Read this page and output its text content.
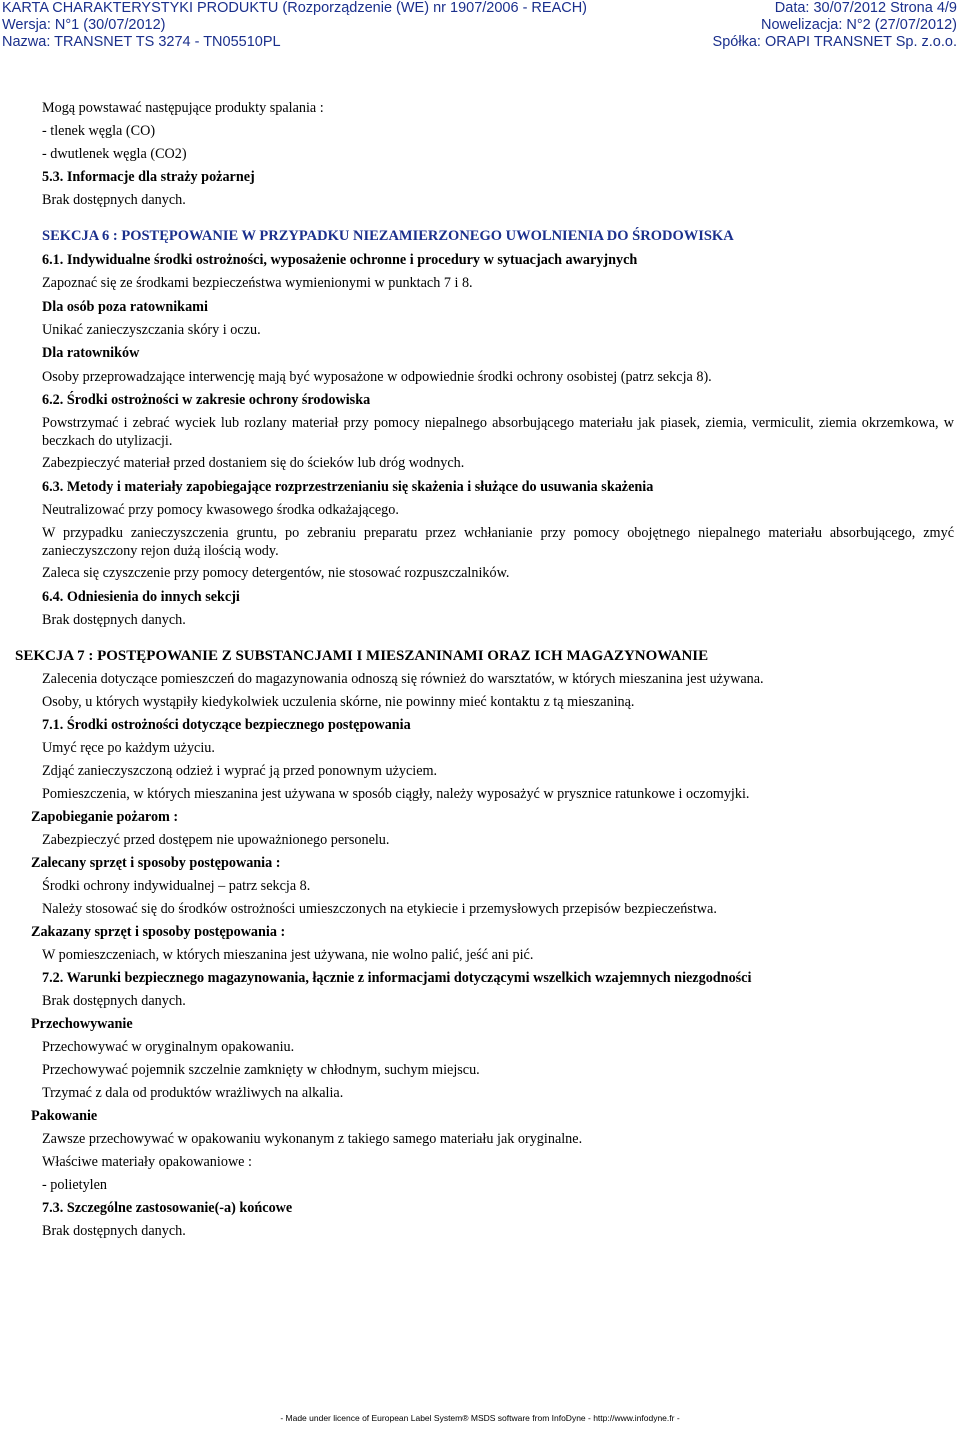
KARTA CHARAKTERYSTYKI PRODUKTU (Rozporządzenie (WE) nr 1907/2006 - REACH)	Data: 30/07/2012 Strona 4/9
Wersja: N°1 (30/07/2012)	Nowelizacja: N°2 (27/07/2012)
Nazwa: TRANSNET TS 3274 - TN05510PL	Spółka: ORAPI TRANSNET Sp. z.o.o.
Mogą powstawać następujące produkty spalania :
- tlenek węgla (CO)
- dwutlenek węgla (CO2)
5.3. Informacje dla straży pożarnej
Brak dostępnych danych.
SEKCJA 6 : POSTĘPOWANIE W PRZYPADKU NIEZAMIERZONEGO UWOLNIENIA DO ŚRODOWISKA
6.1. Indywidualne środki ostrożności, wyposażenie ochronne i procedury w sytuacjach awaryjnych
Zapoznać się ze środkami bezpieczeństwa wymienionymi w punktach 7 i 8.
Dla osób poza ratownikami
Unikać zanieczyszczania skóry i oczu.
Dla ratowników
Osoby przeprowadzające interwencję mają być wyposażone w odpowiednie środki ochrony osobistej (patrz sekcja 8).
6.2. Środki ostrożności w zakresie ochrony środowiska
Powstrzymać i zebrać wyciek lub rozlany materiał przy pomocy niepalnego absorbującego materiału jak piasek, ziemia, vermiculit, ziemia okrzemkowa, w beczkach do utylizacji.
Zabezpieczyć materiał przed dostaniem się do ścieków lub dróg wodnych.
6.3. Metody i materiały zapobiegające rozprzestrzenianiu się skażenia i służące do usuwania skażenia
Neutralizować przy pomocy kwasowego środka odkażającego.
W przypadku zanieczyszczenia gruntu, po zebraniu preparatu przez wchłanianie przy pomocy obojętnego niepalnego materiału absorbującego, zmyć zanieczyszczony rejon dużą ilością wody.
Zaleca się czyszczenie przy pomocy detergentów, nie stosować rozpuszczalników.
6.4. Odniesienia do innych sekcji
Brak dostępnych danych.
SEKCJA 7 : POSTĘPOWANIE Z SUBSTANCJAMI I MIESZANINAMI ORAZ ICH MAGAZYNOWANIE
Zalecenia dotyczące pomieszczeń do magazynowania odnoszą się również do warsztatów, w których mieszanina jest używana.
Osoby, u których wystąpiły kiedykolwiek uczulenia skórne, nie powinny mieć kontaktu z tą mieszaniną.
7.1. Środki ostrożności dotyczące bezpiecznego postępowania
Umyć ręce po każdym użyciu.
Zdjąć zanieczyszczoną odzież i wyprać ją przed ponownym użyciem.
Pomieszczenia, w których mieszanina jest używana w sposób ciągły, należy wyposażyć w prysznice ratunkowe i oczomyjki.
Zapobieganie pożarom :
Zabezpieczyć przed dostępem nie upoważnionego personelu.
Zalecany sprzęt i sposoby postępowania :
Środki ochrony indywidualnej – patrz sekcja 8.
Należy stosować się do środków ostrożności umieszczonych na etykiecie i przemysłowych przepisów bezpieczeństwa.
Zakazany sprzęt i sposoby postępowania :
W pomieszczeniach, w których mieszanina jest używana, nie wolno palić, jeść ani pić.
7.2. Warunki bezpiecznego magazynowania, łącznie z informacjami dotyczącymi wszelkich wzajemnych niezgodności
Brak dostępnych danych.
Przechowywanie
Przechowywać w oryginalnym opakowaniu.
Przechowywać pojemnik szczelnie zamknięty w chłodnym, suchym miejscu.
Trzymać z dala od produktów wrażliwych na alkalia.
Pakowanie
Zawsze przechowywać w opakowaniu wykonanym z takiego samego materiału jak oryginalne.
Właściwe materiały opakowaniowe :
- polietylen
7.3. Szczególne zastosowanie(-a) końcowe
Brak dostępnych danych.
- Made under licence of European Label System® MSDS software from InfoDyne - http://www.infodyne.fr -
